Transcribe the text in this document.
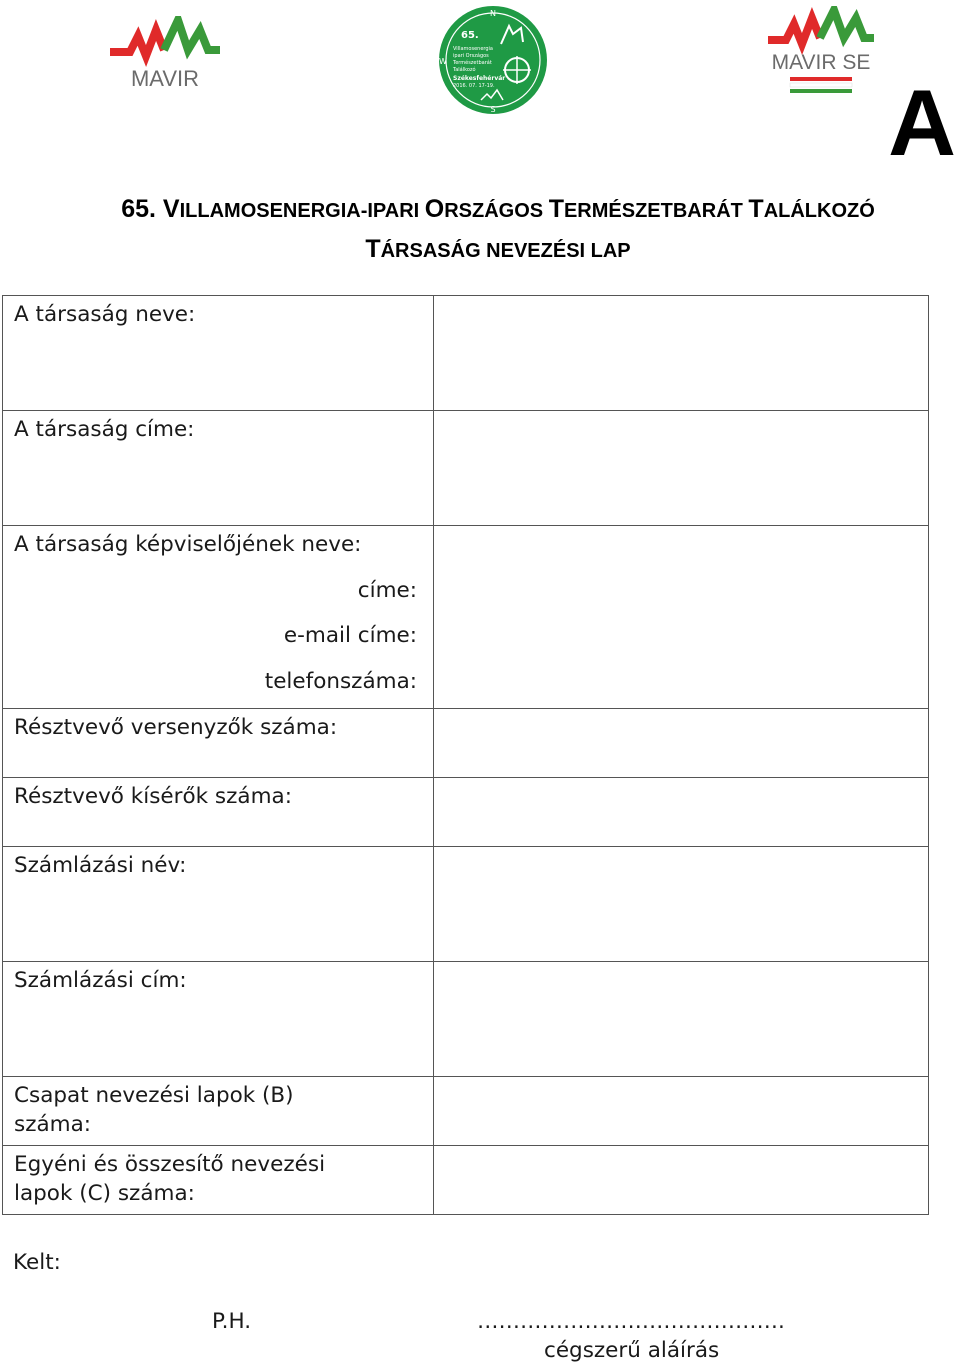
MAVIR
N
S
W
65.
Villamosenergia
ipari Országos
Természetbarát
Találkozó
Székesfehérvár
2016. 07. 17-19.
MAVIR SE
A
65. VILLAMOSENERGIA-IPARI ORSZÁGOS TERMÉSZETBARÁT TALÁLKOZÓ
TÁRSASÁG NEVEZÉSI LAP
A társaság neve:	
A társaság címe:	

A társaság képviselőjének neve:
címe:
e-mail címe:
telefonszáma:	

Résztvevő versenyzők száma:	
Résztvevő kísérők száma:	
Számlázási név:	
Számlázási cím:	

Csapat nevezési lapok (B)
száma:	

Egyéni és összesítő nevezési
lapok (C) száma:	

Kelt:
P.H.	…………………………………….
cégszerű aláírás
